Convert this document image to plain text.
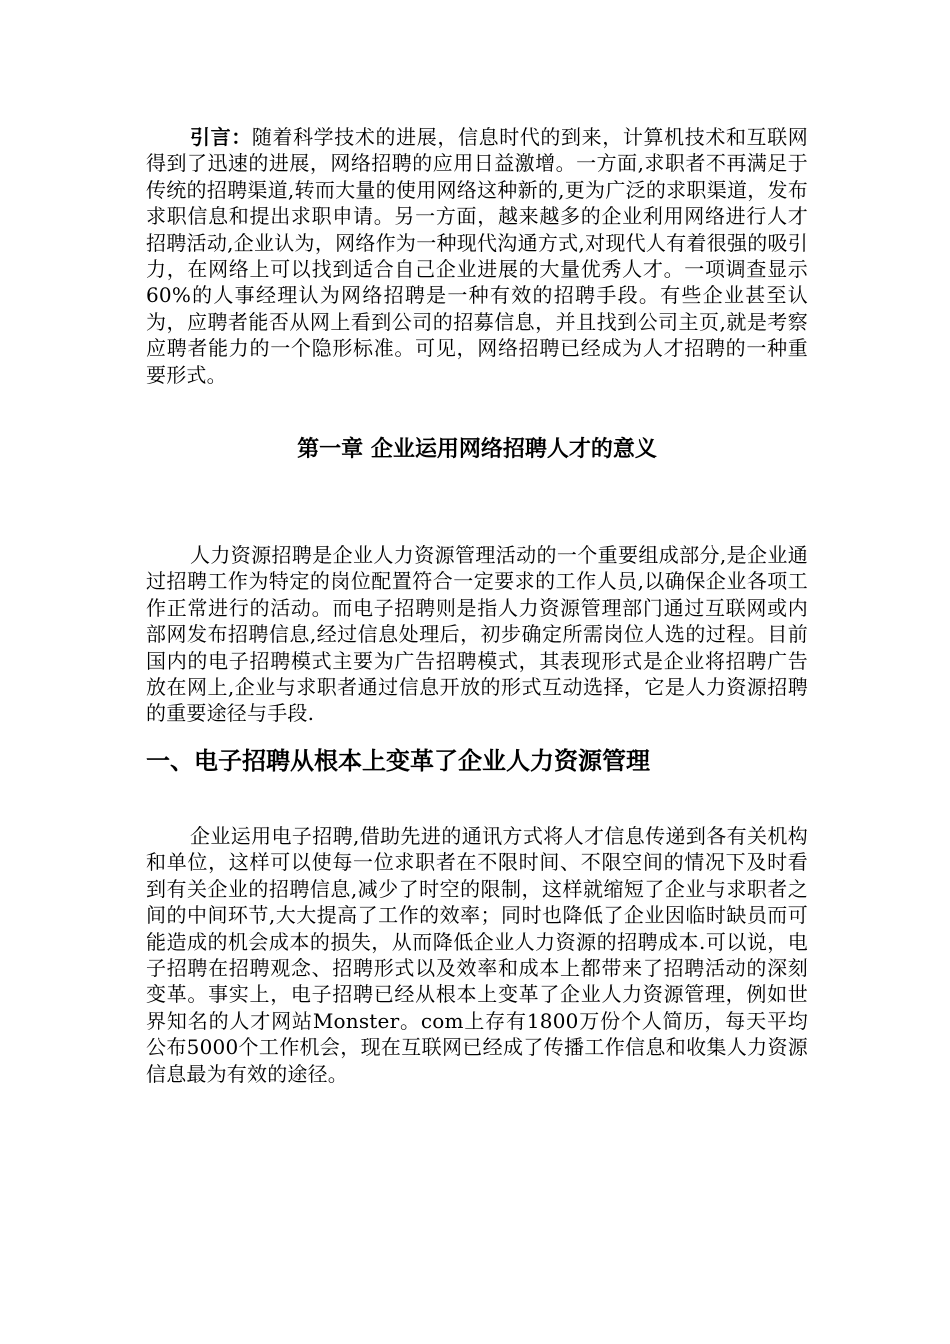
引言：随着科学技术的进展，信息时代的到来，计算机技术和互联网得到了迅速的进展，网络招聘的应用日益激增。一方面,求职者不再满足于传统的招聘渠道,转而大量的使用网络这种新的,更为广泛的求职渠道，发布求职信息和提出求职申请。另一方面，越来越多的企业利用网络进行人才招聘活动,企业认为，网络作为一种现代沟通方式,对现代人有着很强的吸引力，在网络上可以找到适合自己企业进展的大量优秀人才。一项调查显示60%的人事经理认为网络招聘是一种有效的招聘手段。有些企业甚至认为，应聘者能否从网上看到公司的招募信息，并且找到公司主页,就是考察应聘者能力的一个隐形标准。可见，网络招聘已经成为人才招聘的一种重要形式。

第一章 企业运用网络招聘人才的意义

人力资源招聘是企业人力资源管理活动的一个重要组成部分,是企业通过招聘工作为特定的岗位配置符合一定要求的工作人员,以确保企业各项工作正常进行的活动。而电子招聘则是指人力资源管理部门通过互联网或内部网发布招聘信息,经过信息处理后，初步确定所需岗位人选的过程。目前国内的电子招聘模式主要为广告招聘模式，其表现形式是企业将招聘广告放在网上,企业与求职者通过信息开放的形式互动选择，它是人力资源招聘的重要途径与手段.

一、电子招聘从根本上变革了企业人力资源管理

企业运用电子招聘,借助先进的通讯方式将人才信息传递到各有关机构和单位，这样可以使每一位求职者在不限时间、不限空间的情况下及时看到有关企业的招聘信息,减少了时空的限制，这样就缩短了企业与求职者之间的中间环节,大大提高了工作的效率；同时也降低了企业因临时缺员而可能造成的机会成本的损失，从而降低企业人力资源的招聘成本.可以说，电子招聘在招聘观念、招聘形式以及效率和成本上都带来了招聘活动的深刻变革。事实上，电子招聘已经从根本上变革了企业人力资源管理，例如世界知名的人才网站Monster。com上存有1800万份个人简历，每天平均公布5000个工作机会，现在互联网已经成了传播工作信息和收集人力资源信息最为有效的途径。
